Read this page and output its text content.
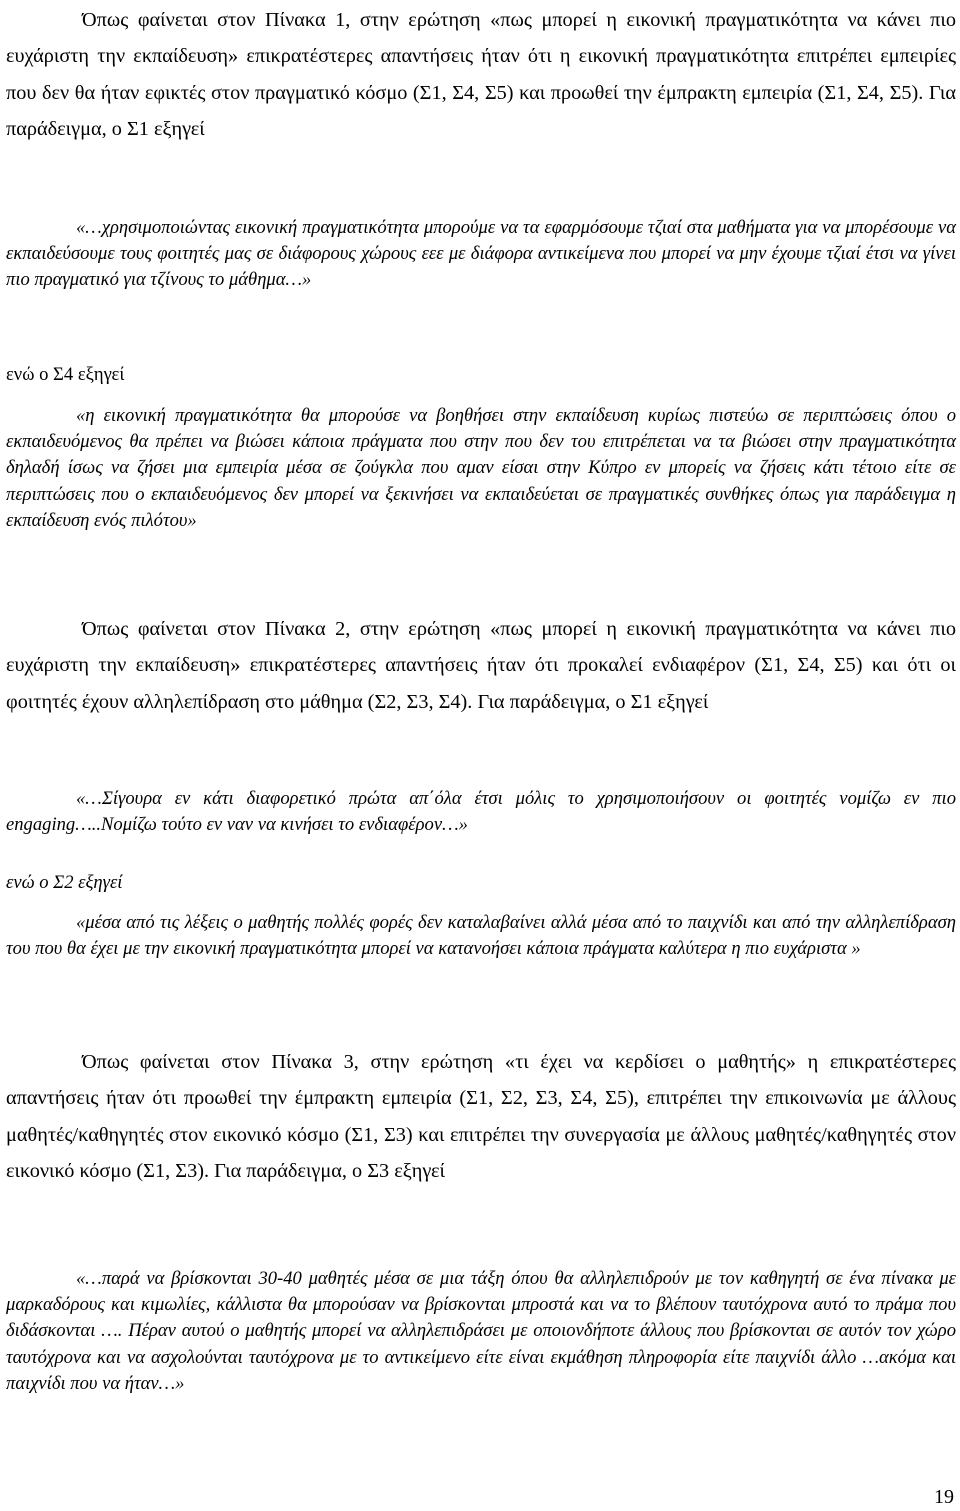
Όπως φαίνεται στον Πίνακα 1, στην ερώτηση «πως μπορεί η εικονική πραγματικότητα να κάνει πιο ευχάριστη την εκπαίδευση» επικρατέστερες απαντήσεις ήταν ότι η εικονική πραγματικότητα επιτρέπει εμπειρίες που δεν θα ήταν εφικτές στον πραγματικό κόσμο (Σ1, Σ4, Σ5) και προωθεί την έμπρακτη εμπειρία (Σ1, Σ4, Σ5). Για παράδειγμα, ο Σ1 εξηγεί

«…χρησιμοποιώντας εικονική πραγματικότητα μπορούμε να τα εφαρμόσουμε τζιαί στα μαθήματα για να μπορέσουμε να εκπαιδεύσουμε τους φοιτητές μας σε διάφορους χώρους εεε με διάφορα αντικείμενα που μπορεί να μην έχουμε τζιαί έτσι να γίνει πιο πραγματικό για τζίνους το μάθημα…»

ενώ ο Σ4 εξηγεί

«η εικονική πραγματικότητα θα μπορούσε να βοηθήσει στην εκπαίδευση κυρίως πιστεύω σε περιπτώσεις όπου ο εκπαιδευόμενος θα πρέπει να βιώσει κάποια πράγματα που στην που δεν του επιτρέπεται να τα βιώσει στην πραγματικότητα δηλαδή ίσως να ζήσει μια εμπειρία μέσα σε ζούγκλα που αμαν είσαι στην Κύπρο εν μπορείς να ζήσεις κάτι τέτοιο είτε σε περιπτώσεις που ο εκπαιδευόμενος δεν μπορεί να ξεκινήσει να εκπαιδεύεται σε πραγματικές συνθήκες όπως για παράδειγμα η εκπαίδευση ενός πιλότου»

Όπως φαίνεται στον Πίνακα 2, στην ερώτηση «πως μπορεί η εικονική πραγματικότητα να κάνει πιο ευχάριστη την εκπαίδευση» επικρατέστερες απαντήσεις ήταν ότι προκαλεί ενδιαφέρον (Σ1, Σ4, Σ5) και ότι οι φοιτητές έχουν αλληλεπίδραση στο μάθημα (Σ2, Σ3, Σ4). Για παράδειγμα, ο Σ1 εξηγεί

«…Σίγουρα εν κάτι διαφορετικό πρώτα απ΄όλα έτσι μόλις το χρησιμοποιήσουν οι φοιτητές νομίζω εν πιο engaging…..Νομίζω τούτο εν ναν να κινήσει το ενδιαφέρον…»

ενώ ο Σ2 εξηγεί

«μέσα από τις λέξεις ο μαθητής πολλές φορές δεν καταλαβαίνει αλλά μέσα από το παιχνίδι και από την αλληλεπίδραση του που θα έχει με την εικονική πραγματικότητα μπορεί να κατανοήσει κάποια πράγματα καλύτερα η πιο ευχάριστα »

Όπως φαίνεται στον Πίνακα 3, στην ερώτηση «τι έχει να κερδίσει ο μαθητής» η επικρατέστερες απαντήσεις ήταν ότι προωθεί την έμπρακτη εμπειρία (Σ1, Σ2, Σ3, Σ4, Σ5), επιτρέπει την επικοινωνία με άλλους μαθητές/καθηγητές στον εικονικό κόσμο (Σ1, Σ3) και επιτρέπει την συνεργασία με άλλους μαθητές/καθηγητές στον εικονικό κόσμο (Σ1, Σ3). Για παράδειγμα, ο Σ3 εξηγεί

«…παρά να βρίσκονται 30-40 μαθητές μέσα σε μια τάξη όπου θα αλληλεπιδρούν με τον καθηγητή σε ένα πίνακα με μαρκαδόρους και κιμωλίες, κάλλιστα θα μπορούσαν να βρίσκονται μπροστά και να το βλέπουν ταυτόχρονα αυτό το πράμα που διδάσκονται …. Πέραν αυτού ο μαθητής μπορεί να αλληλεπιδράσει με οποιονδήποτε άλλους που βρίσκονται σε αυτόν τον χώρο ταυτόχρονα και να ασχολούνται ταυτόχρονα με το αντικείμενο είτε είναι εκμάθηση πληροφορία είτε παιχνίδι άλλο …ακόμα και παιχνίδι που να ήταν…»

19
